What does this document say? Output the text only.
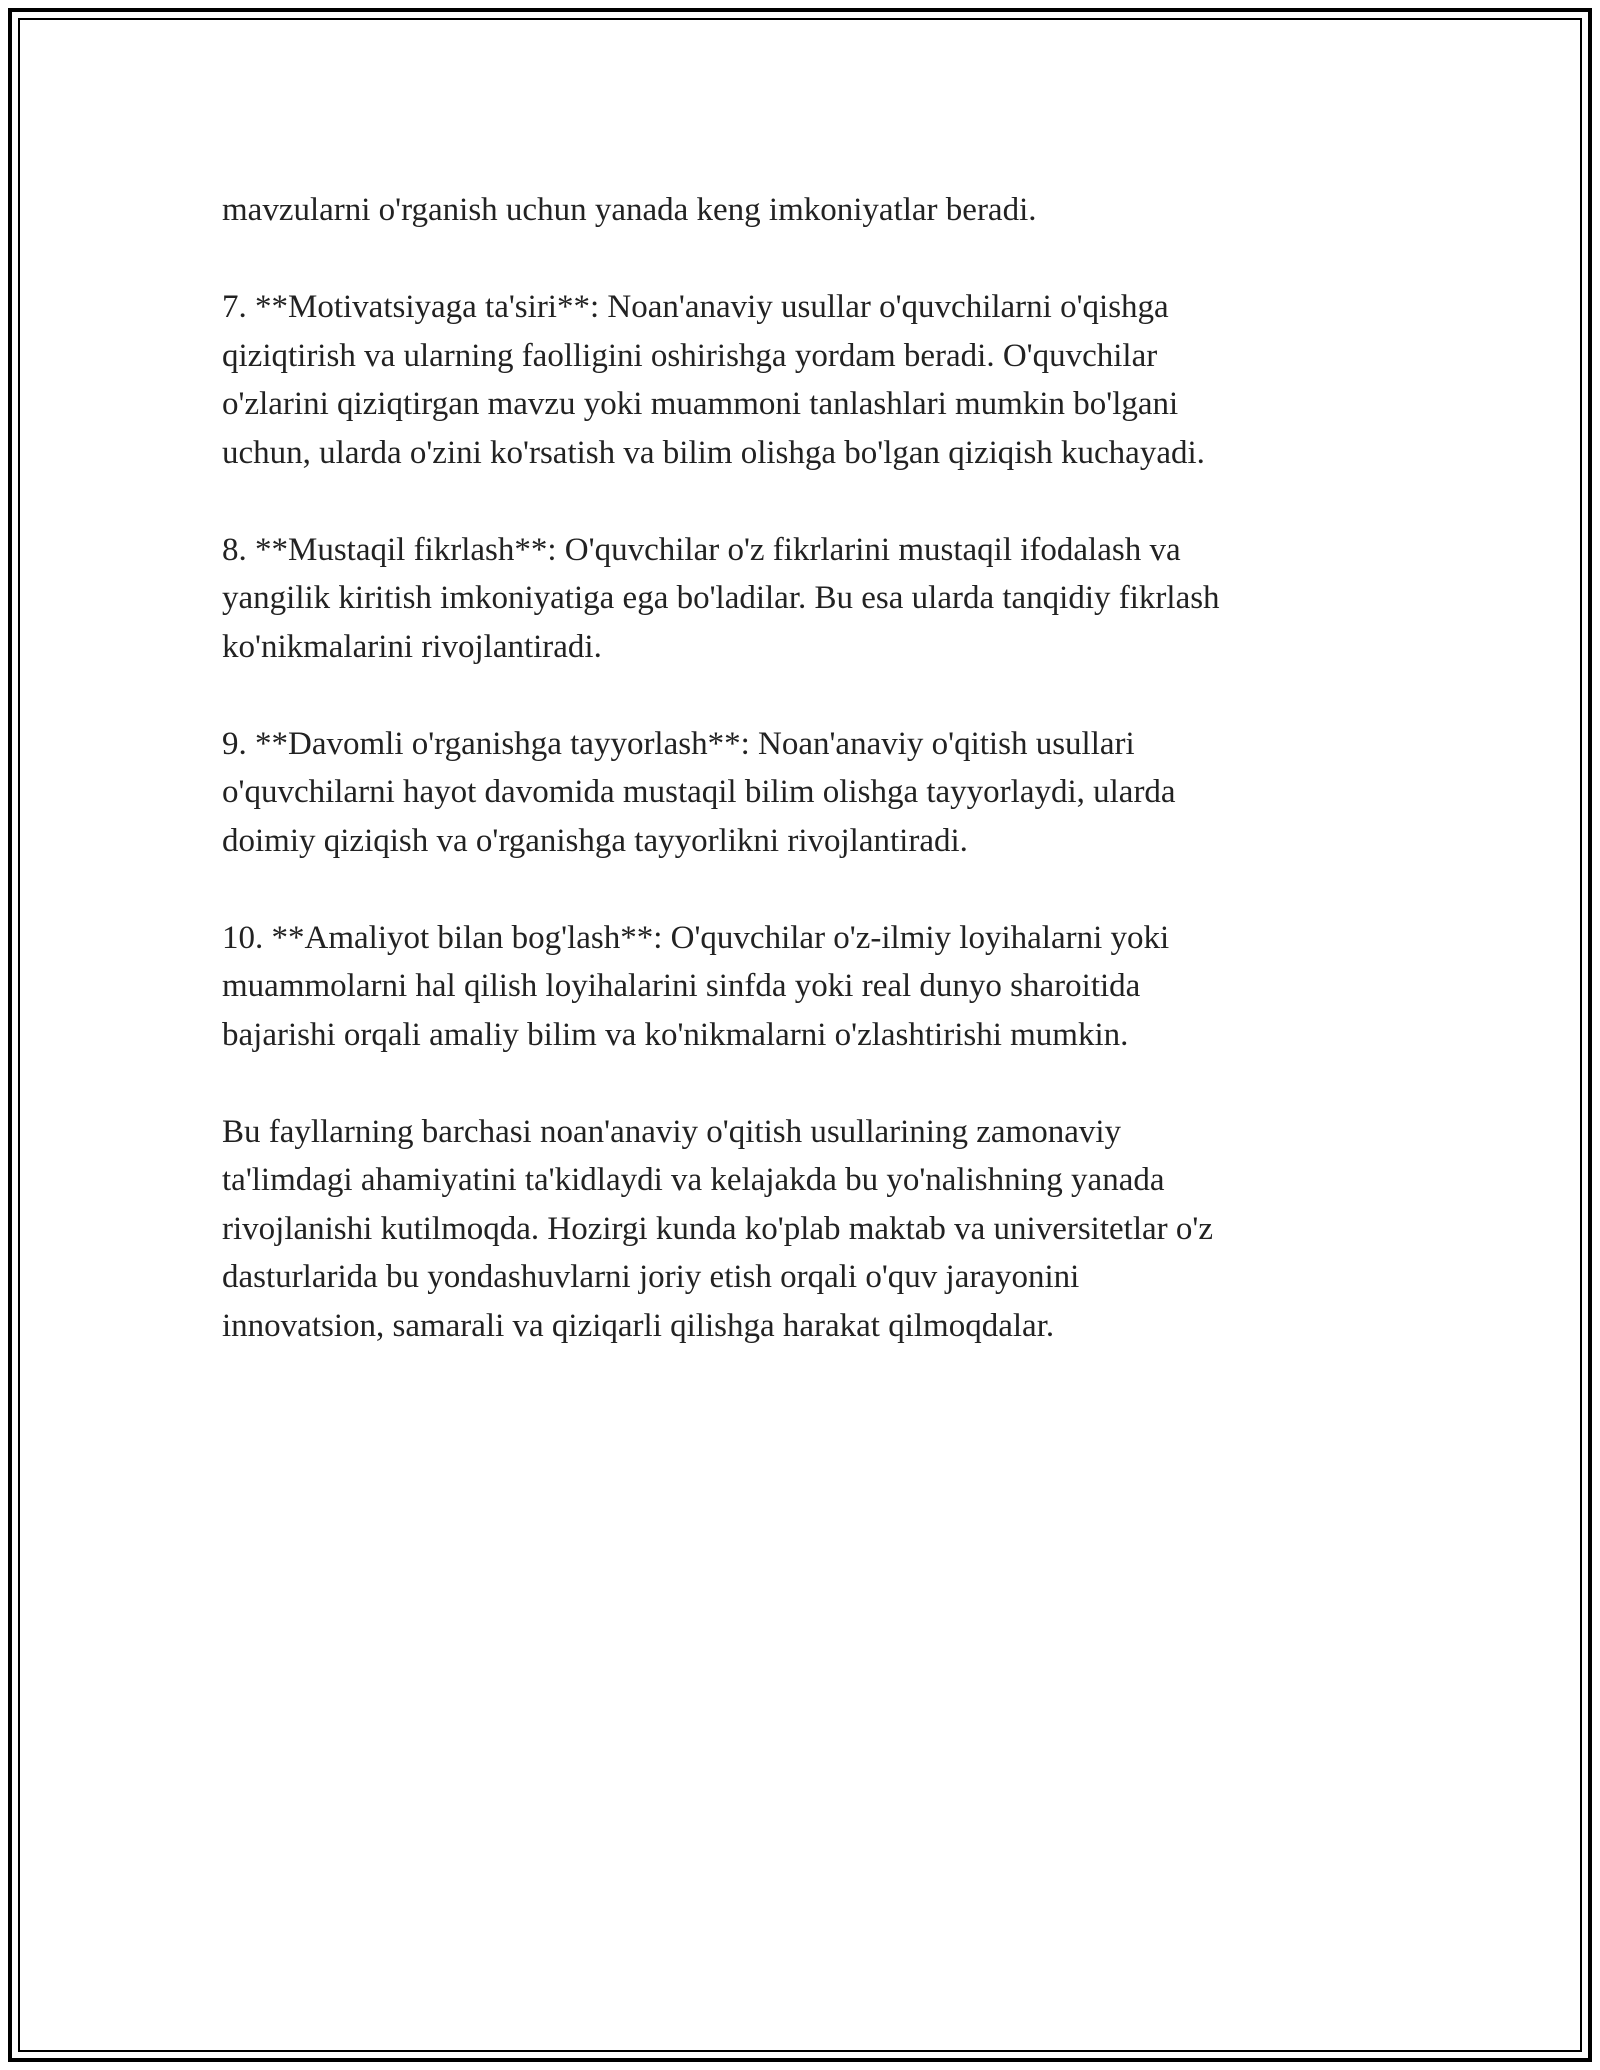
mavzularni o'rganish uchun yanada keng imkoniyatlar beradi.

7. **Motivatsiyaga ta'siri**: Noan'anaviy usullar o'quvchilarni o'qishga
qiziqtirish va ularning faolligini oshirishga yordam beradi. O'quvchilar
o'zlarini qiziqtirgan mavzu yoki muammoni tanlashlari mumkin bo'lgani
uchun, ularda o'zini ko'rsatish va bilim olishga bo'lgan qiziqish kuchayadi.

8. **Mustaqil fikrlash**: O'quvchilar o'z fikrlarini mustaqil ifodalash va
yangilik kiritish imkoniyatiga ega bo'ladilar. Bu esa ularda tanqidiy fikrlash
ko'nikmalarini rivojlantiradi.

9. **Davomli o'rganishga tayyorlash**: Noan'anaviy o'qitish usullari
o'quvchilarni hayot davomida mustaqil bilim olishga tayyorlaydi, ularda
doimiy qiziqish va o'rganishga tayyorlikni rivojlantiradi.

10. **Amaliyot bilan bog'lash**: O'quvchilar o'z-ilmiy loyihalarni yoki
muammolarni hal qilish loyihalarini sinfda yoki real dunyo sharoitida
bajarishi orqali amaliy bilim va ko'nikmalarni o'zlashtirishi mumkin.

Bu fayllarning barchasi noan'anaviy o'qitish usullarining zamonaviy
ta'limdagi ahamiyatini ta'kidlaydi va kelajakda bu yo'nalishning yanada
rivojlanishi kutilmoqda. Hozirgi kunda ko'plab maktab va universitetlar o'z
dasturlarida bu yondashuvlarni joriy etish orqali o'quv jarayonini
innovatsion, samarali va qiziqarli qilishga harakat qilmoqdalar.
